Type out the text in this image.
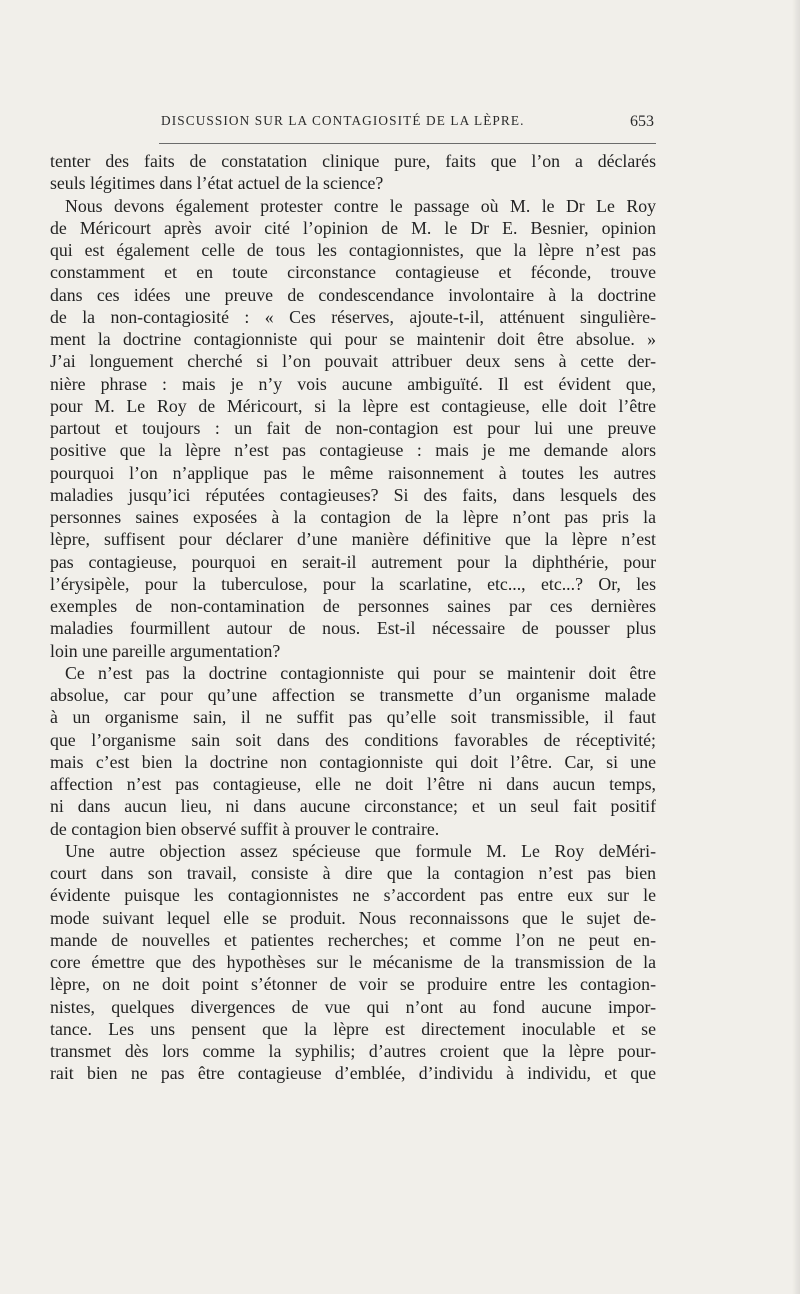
DISCUSSION SUR LA CONTAGIOSITÉ DE LA LÈPRE.	653
tenter des faits de constatation clinique pure, faits que l’on a déclarés
seuls légitimes dans l’état actuel de la science?
Nous devons également protester contre le passage où M. le Dr Le Roy
de Méricourt après avoir cité l’opinion de M. le Dr E. Besnier, opinion
qui est également celle de tous les contagionnistes, que la lèpre n’est pas
constamment et en toute circonstance contagieuse et féconde, trouve
dans ces idées une preuve de condescendance involontaire à la doctrine
de la non-contagiosité : « Ces réserves, ajoute-t-il, atténuent singulière-
ment la doctrine contagionniste qui pour se maintenir doit être absolue. »
J’ai longuement cherché si l’on pouvait attribuer deux sens à cette der-
nière phrase : mais je n’y vois aucune ambiguïté. Il est évident que,
pour M. Le Roy de Méricourt, si la lèpre est contagieuse, elle doit l’être
partout et toujours : un fait de non-contagion est pour lui une preuve
positive que la lèpre n’est pas contagieuse : mais je me demande alors
pourquoi l’on n’applique pas le même raisonnement à toutes les autres
maladies jusqu’ici réputées contagieuses? Si des faits, dans lesquels des
personnes saines exposées à la contagion de la lèpre n’ont pas pris la
lèpre, suffisent pour déclarer d’une manière définitive que la lèpre n’est
pas contagieuse, pourquoi en serait-il autrement pour la diphthérie, pour
l’érysipèle, pour la tuberculose, pour la scarlatine, etc..., etc...? Or, les
exemples de non-contamination de personnes saines par ces dernières
maladies fourmillent autour de nous. Est-il nécessaire de pousser plus
loin une pareille argumentation?
Ce n’est pas la doctrine contagionniste qui pour se maintenir doit être
absolue, car pour qu’une affection se transmette d’un organisme malade
à un organisme sain, il ne suffit pas qu’elle soit transmissible, il faut
que l’organisme sain soit dans des conditions favorables de réceptivité;
mais c’est bien la doctrine non contagionniste qui doit l’être. Car, si une
affection n’est pas contagieuse, elle ne doit l’être ni dans aucun temps,
ni dans aucun lieu, ni dans aucune circonstance; et un seul fait positif
de contagion bien observé suffit à prouver le contraire.
Une autre objection assez spécieuse que formule M. Le Roy deMéri-
court dans son travail, consiste à dire que la contagion n’est pas bien
évidente puisque les contagionnistes ne s’accordent pas entre eux sur le
mode suivant lequel elle se produit. Nous reconnaissons que le sujet de-
mande de nouvelles et patientes recherches; et comme l’on ne peut en-
core émettre que des hypothèses sur le mécanisme de la transmission de la
lèpre, on ne doit point s’étonner de voir se produire entre les contagion-
nistes, quelques divergences de vue qui n’ont au fond aucune impor-
tance. Les uns pensent que la lèpre est directement inoculable et se
transmet dès lors comme la syphilis; d’autres croient que la lèpre pour-
rait bien ne pas être contagieuse d’emblée, d’individu à individu, et que
